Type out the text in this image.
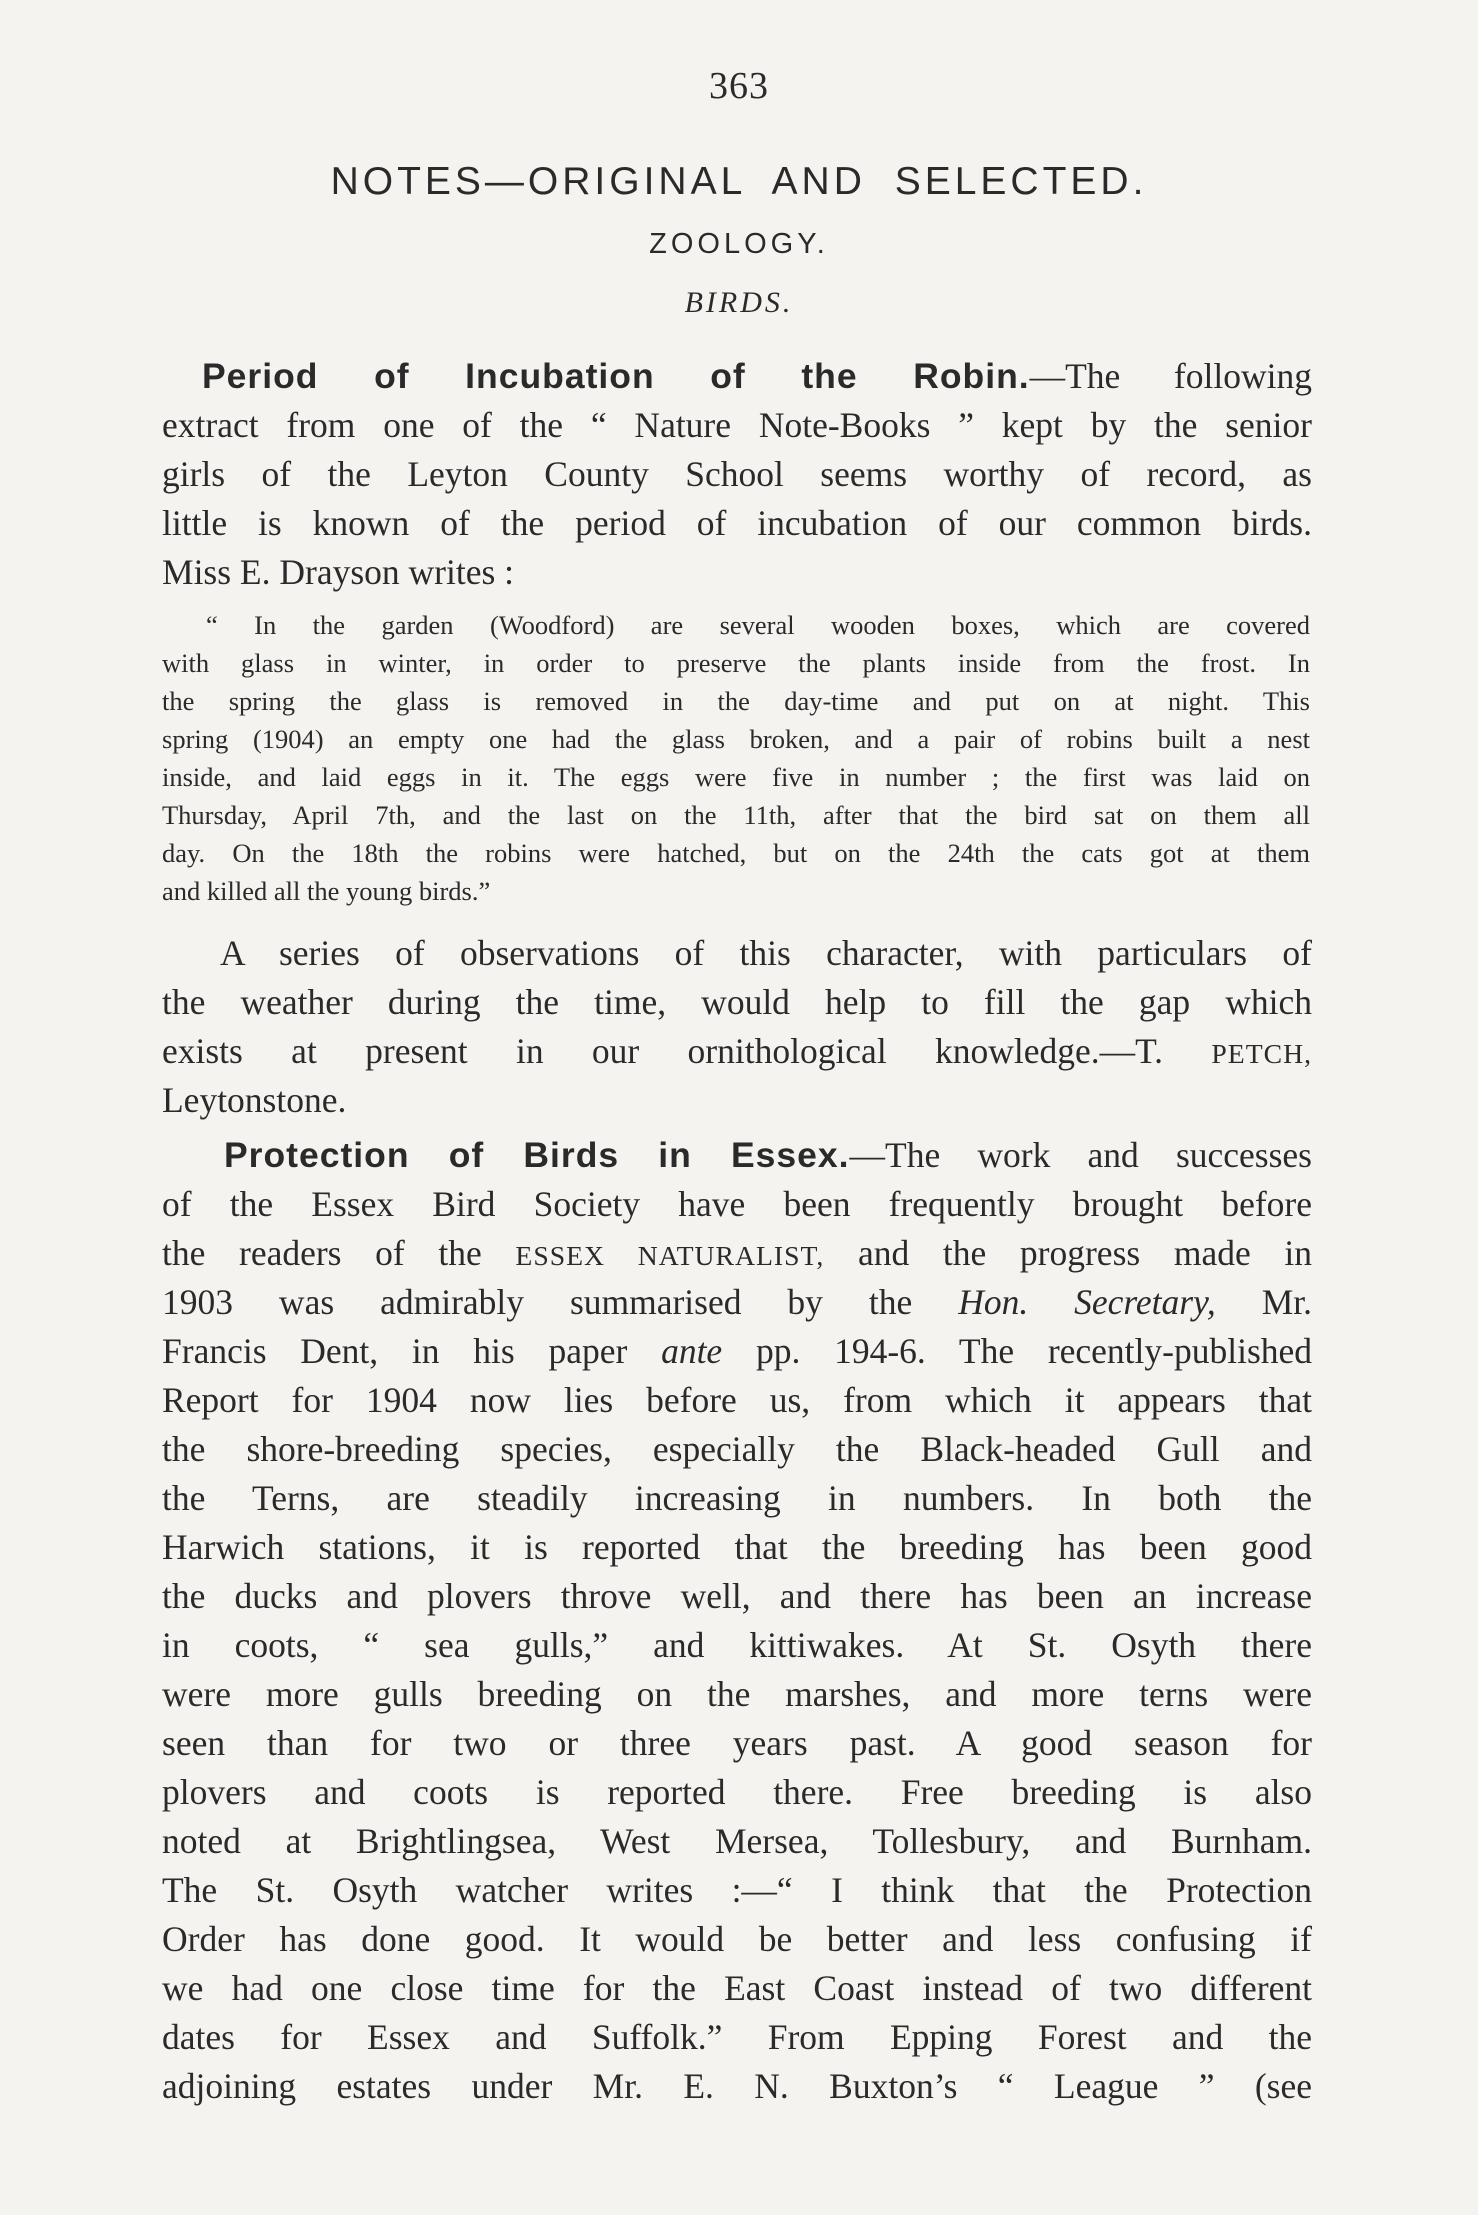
363
NOTES—ORIGINAL AND SELECTED.
ZOOLOGY.
BIRDS.
Period of Incubation of the Robin.—The following
extract from one of the “ Nature Note-Books ” kept by the senior
girls of the Leyton County School seems worthy of record, as
little is known of the period of incubation of our common birds.
Miss E. Drayson writes :
“ In the garden (Woodford) are several wooden boxes, which are covered
with glass in winter, in order to preserve the plants inside from the frost. In
the spring the glass is removed in the day-time and put on at night. This
spring (1904) an empty one had the glass broken, and a pair of robins built a nest
inside, and laid eggs in it. The eggs were five in number ; the first was laid on
Thursday, April 7th, and the last on the 11th, after that the bird sat on them all
day. On the 18th the robins were hatched, but on the 24th the cats got at them
and killed all the young birds.”
A series of observations of this character, with particulars of
the weather during the time, would help to fill the gap which
exists at present in our ornithological knowledge.—T. PETCH,
Leytonstone.
Protection of Birds in Essex.—The work and successes
of the Essex Bird Society have been frequently brought before
the readers of the ESSEX NATURALIST, and the progress made in
1903 was admirably summarised by the Hon. Secretary, Mr.
Francis Dent, in his paper ante pp. 194-6. The recently-published
Report for 1904 now lies before us, from which it appears that
the shore-breeding species, especially the Black-headed Gull and
the Terns, are steadily increasing in numbers. In both the
Harwich stations, it is reported that the breeding has been good
the ducks and plovers throve well, and there has been an increase
in coots, “ sea gulls,” and kittiwakes. At St. Osyth there
were more gulls breeding on the marshes, and more terns were
seen than for two or three years past. A good season for
plovers and coots is reported there. Free breeding is also
noted at Brightlingsea, West Mersea, Tollesbury, and Burnham.
The St. Osyth watcher writes :—“ I think that the Protection
Order has done good. It would be better and less confusing if
we had one close time for the East Coast instead of two different
dates for Essex and Suffolk.” From Epping Forest and the
adjoining estates under Mr. E. N. Buxton’s “ League ” (see
